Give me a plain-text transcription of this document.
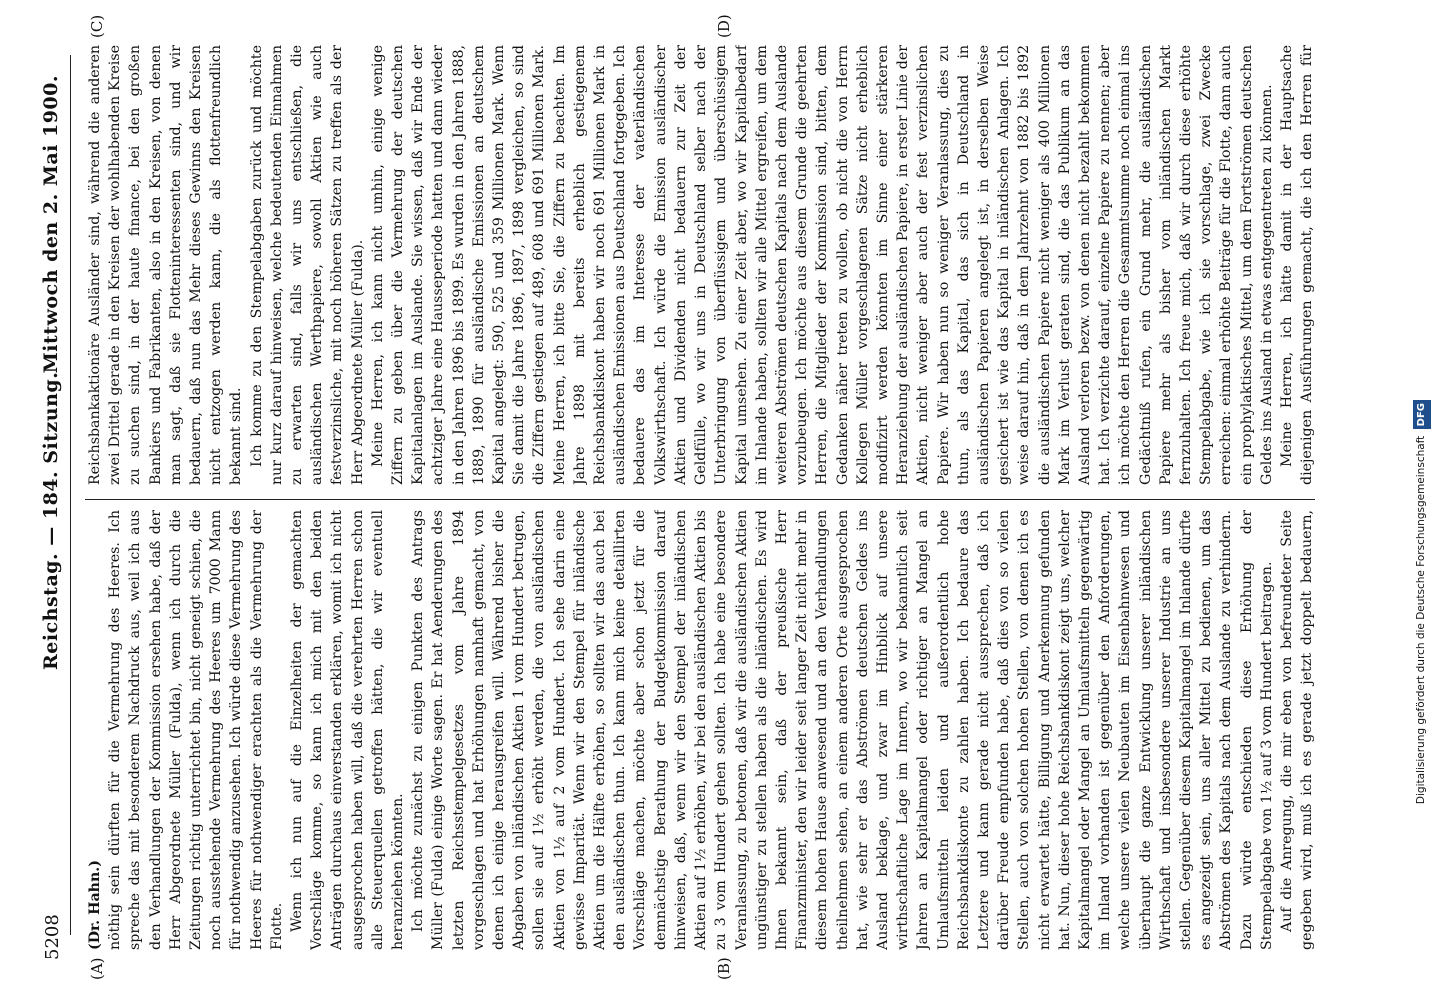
5208
Reichstag. — 184. Sitzung.
Mittwoch den 2. Mai 1900.
(A)	(B)
(C)	(D)

(Dr. Hahn.) nöthig sein dürften für die Vermehrung des Heeres. Ich spreche das mit besonderem Nachdruck aus, weil ich aus den Verhandlungen der Kommission ersehen habe, daß der Herr Abgeordnete Müller (Fulda), wenn ich durch die Zeitungen richtig unterrichtet bin, nicht geneigt schien, die noch ausstehende Vermehrung des Heeres um 7000 Mann für nothwendig anzusehen. Ich würde diese Vermehrung des Heeres für nothwendiger erachten als die Vermehrung der Flotte. Wenn ich nun auf die Einzelheiten der gemachten Vorschläge komme, so kann ich mich mit den beiden Anträgen durchaus einverstanden erklären, womit ich nicht ausgesprochen haben will, daß die verehrten Herren schon alle Steuerquellen getroffen hätten, die wir eventuell heranziehen könnten. Ich möchte zunächst zu einigen Punkten des Antrags Müller (Fulda) einige Worte sagen. Er hat Aenderungen des letzten Reichsstempelgesetzes vom Jahre 1894 vorgeschlagen und hat Erhöhungen namhaft gemacht, von denen ich einige herausgreifen will. Während bisher die Abgaben von inländischen Aktien 1 vom Hundert betrugen, sollen sie auf 1½ erhöht werden, die von ausländischen Aktien von 1½ auf 2 vom Hundert. Ich sehe darin eine gewisse Imparität. Wenn wir den Stempel für inländische Aktien um die Hälfte erhöhen, so sollten wir das auch bei den ausländischen thun. Ich kann mich keine detaillirten Vorschläge machen, möchte aber schon jetzt für die demnächstige Berathung der Budgetkommission darauf hinweisen, daß, wenn wir den Stempel der inländischen Aktien auf 1½ erhöhen, wir bei den ausländischen Aktien bis zu 3 vom Hundert gehen sollten. Ich habe eine besondere Veranlassung, zu betonen, daß wir die ausländischen Aktien ungünstiger zu stellen haben als die inländischen. Es wird Ihnen bekannt sein, daß der preußische Herr Finanzminister, den wir leider seit langer Zeit nicht mehr in diesem hohen Hause anwesend und an den Verhandlungen theilnehmen sehen, an einem anderen Orte ausgesprochen hat, wie sehr er das Abströmen deutschen Geldes ins Ausland beklage, und zwar im Hinblick auf unsere wirthschaftliche Lage im Innern, wo wir bekanntlich seit Jahren an Kapitalmangel oder richtiger an Mangel an Umlaufsmitteln leiden und außerordentlich hohe Reichsbankdiskonte zu zahlen haben. Ich bedaure das Letztere und kann gerade nicht aussprechen, daß ich darüber Freude empfunden habe, daß dies von so vielen Stellen, auch von solchen hohen Stellen, von denen ich es nicht erwartet hätte, Billigung und Anerkennung gefunden hat. Nun, dieser hohe Reichsbankdiskont zeigt uns, welcher Kapitalmangel oder Mangel an Umlaufsmitteln gegenwärtig im Inland vorhanden ist gegenüber den Anforderungen, welche unsere vielen Neubauten im Eisenbahnwesen und überhaupt die ganze Entwicklung unserer inländischen Wirthschaft und insbesondere unserer Industrie an uns stellen. Gegenüber diesem Kapitalmangel im Inlande dürfte es angezeigt sein, uns aller Mittel zu bedienen, um das Abströmen des Kapitals nach dem Auslande zu verhindern. Dazu würde entschieden diese Erhöhung der Stempelabgabe von 1½ auf 3 vom Hundert beitragen. Auf die Anregung, die mir eben von befreundeter Seite gegeben wird, muß ich es gerade jetzt doppelt bedauern,

Reichsbankaktionäre Ausländer sind, während die anderen zwei Drittel gerade in den Kreisen der wohlhabenden Kreise zu suchen sind, in der haute finance, bei den großen Bankiers und Fabrikanten, also in den Kreisen, von denen man sagt, daß sie Flotteninteressenten sind, und wir bedauern, daß nun das Mehr dieses Gewinns den Kreisen nicht entzogen werden kann, die als flottenfreundlich bekannt sind. Ich komme zu den Stempelabgaben zurück und möchte nur kurz darauf hinweisen, welche bedeutenden Einnahmen zu erwarten sind, falls wir uns entschließen, die ausländischen Werthpapiere, sowohl Aktien wie auch festverzinsliche, mit noch höheren Sätzen zu treffen als der Herr Abgeordnete Müller (Fulda). Meine Herren, ich kann nicht umhin, einige wenige Ziffern zu geben über die Vermehrung der deutschen Kapitalanlagen im Auslande. Sie wissen, daß wir Ende der achtziger Jahre eine Hausseperiode hatten und dann wieder in den Jahren 1896 bis 1899. Es wurden in den Jahren 1888, 1889, 1890 für ausländische Emissionen an deutschem Kapital angelegt: 590, 525 und 359 Millionen Mark. Wenn Sie damit die Jahre 1896, 1897, 1898 vergleichen, so sind die Ziffern gestiegen auf 489, 608 und 691 Millionen Mark. Meine Herren, ich bitte Sie, die Ziffern zu beachten. Im Jahre 1898 mit bereits erheblich gestiegenem Reichsbankdiskont haben wir noch 691 Millionen Mark in ausländischen Emissionen aus Deutschland fortgegeben. Ich bedauere das im Interesse der vaterländischen Volkswirthschaft. Ich würde die Emission ausländischer Aktien und Dividenden nicht bedauern zur Zeit der Geldfülle, wo wir uns in Deutschland selber nach der Unterbringung von überflüssigem und überschüssigem Kapital umsehen. Zu einer Zeit aber, wo wir Kapitalbedarf im Inlande haben, sollten wir alle Mittel ergreifen, um dem weiteren Abströmen deutschen Kapitals nach dem Auslande vorzubeugen. Ich möchte aus diesem Grunde die geehrten Herren, die Mitglieder der Kommission sind, bitten, dem Gedanken näher treten zu wollen, ob nicht die von Herrn Kollegen Müller vorgeschlagenen Sätze nicht erheblich modifizirt werden könnten im Sinne einer stärkeren Heranziehung der ausländischen Papiere, in erster Linie der Aktien, nicht weniger aber auch der fest verzinslichen Papiere. Wir haben nun so weniger Veranlassung, dies zu thun, als das Kapital, das sich in Deutschland in ausländischen Papieren angelegt ist, in derselben Weise gesichert ist wie das Kapital in inländischen Anlagen. Ich weise darauf hin, daß in dem Jahrzehnt von 1882 bis 1892 die ausländischen Papiere nicht weniger als 400 Millionen Mark im Verlust geraten sind, die das Publikum an das Ausland verloren bezw. von denen nicht bezahlt bekommen hat. Ich verzichte darauf, einzelne Papiere zu nennen; aber ich möchte den Herren die Gesammtsumme noch einmal ins Gedächtniß rufen, ein Grund mehr, die ausländischen Papiere mehr als bisher vom inländischen Markt fernzuhalten. Ich freue mich, daß wir durch diese erhöhte Stempelabgabe, wie ich sie vorschlage, zwei Zwecke erreichen: einmal erhöhte Beiträge für die Flotte, dann auch ein prophylaktisches Mittel, um dem Fortströmen deutschen Geldes ins Ausland in etwas entgegentreten zu können. Meine Herren, ich hätte damit in der Hauptsache diejenigen Ausführungen gemacht, die ich den Herren für

Digitalisierung gefördert durch die Deutsche Forschungsgemeinschaft DFG
